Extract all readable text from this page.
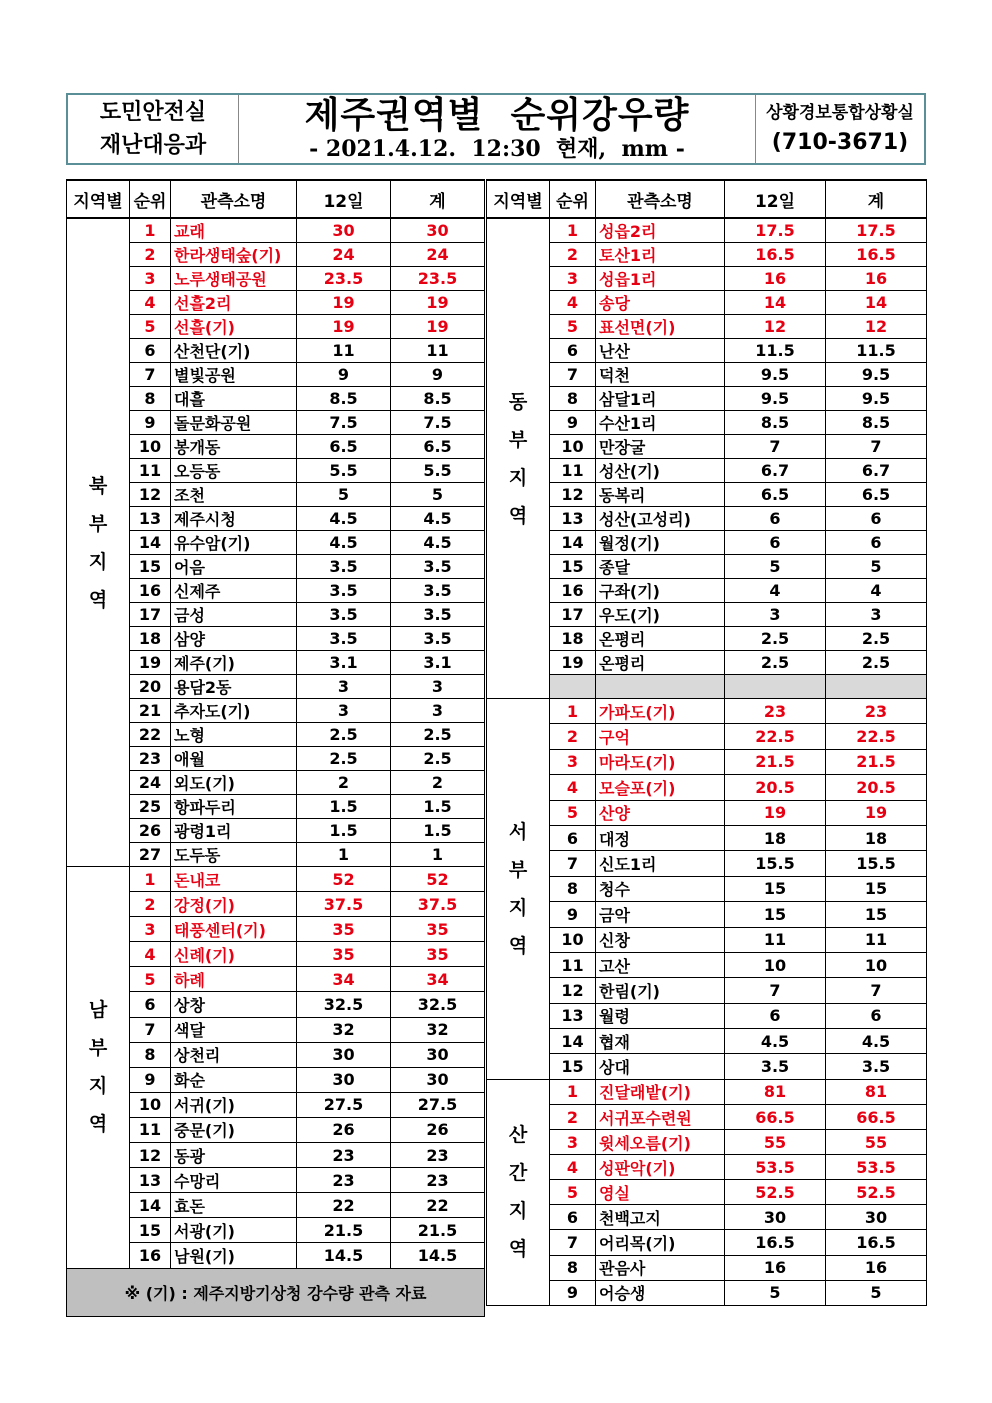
도민안전실
재난대응과
제주권역별  순위강우량
- 2021.4.12.  12:30  현재,  mm -
상황경보통합상황실
(710-3671)
지역별	순위	관측소명	12일	계

북
부
지
역	1	교래	30	30
	2	한라생태숲(기)	24	24
	3	노루생태공원	23.5	23.5
	4	선흘2리	19	19
	5	선흘(기)	19	19
	6	산천단(기)	11	11
	7	별빛공원	9	9
	8	대흘	8.5	8.5
	9	돌문화공원	7.5	7.5
	10	봉개동	6.5	6.5
	11	오등동	5.5	5.5
	12	조천	5	5
	13	제주시청	4.5	4.5
	14	유수암(기)	4.5	4.5
	15	어음	3.5	3.5
	16	신제주	3.5	3.5
	17	금성	3.5	3.5
	18	삼양	3.5	3.5
	19	제주(기)	3.1	3.1
	20	용담2동	3	3
	21	추자도(기)	3	3
	22	노형	2.5	2.5
	23	애월	2.5	2.5
	24	외도(기)	2	2
	25	항파두리	1.5	1.5
	26	광령1리	1.5	1.5
	27	도두동	1	1

남
부
지
역	1	돈내코	52	52
	2	강정(기)	37.5	37.5
	3	태풍센터(기)	35	35
	4	신례(기)	35	35
	5	하례	34	34
	6	상창	32.5	32.5
	7	색달	32	32
	8	상천리	30	30
	9	화순	30	30
	10	서귀(기)	27.5	27.5
	11	중문(기)	26	26
	12	동광	23	23
	13	수망리	23	23
	14	효돈	22	22
	15	서광(기)	21.5	21.5
	16	남원(기)	14.5	14.5
※ (기) : 제주지방기상청 강수량 관측 자료				
지역별	순위	관측소명	12일	계

동
부
지
역	1	성읍2리	17.5	17.5
	2	토산1리	16.5	16.5
	3	성읍1리	16	16
	4	송당	14	14
	5	표선면(기)	12	12
	6	난산	11.5	11.5
	7	덕천	9.5	9.5
	8	삼달1리	9.5	9.5
	9	수산1리	8.5	8.5
	10	만장굴	7	7
	11	성산(기)	6.7	6.7
	12	동복리	6.5	6.5
	13	성산(고성리)	6	6
	14	월정(기)	6	6
	15	종달	5	5
	16	구좌(기)	4	4
	17	우도(기)	3	3
	18	온평리	2.5	2.5
	19	온평리	2.5	2.5

서
부
지
역	1	가파도(기)	23	23
	2	구억	22.5	22.5
	3	마라도(기)	21.5	21.5
	4	모슬포(기)	20.5	20.5
	5	산양	19	19
	6	대정	18	18
	7	신도1리	15.5	15.5
	8	청수	15	15
	9	금악	15	15
	10	신창	11	11
	11	고산	10	10
	12	한림(기)	7	7
	13	월령	6	6
	14	협재	4.5	4.5
	15	상대	3.5	3.5

산
간
지
역	1	진달래밭(기)	81	81
	2	서귀포수련원	66.5	66.5
	3	윗세오름(기)	55	55
	4	성판악(기)	53.5	53.5
	5	영실	52.5	52.5
	6	천백고지	30	30
	7	어리목(기)	16.5	16.5
	8	관음사	16	16
	9	어승생	5	5
